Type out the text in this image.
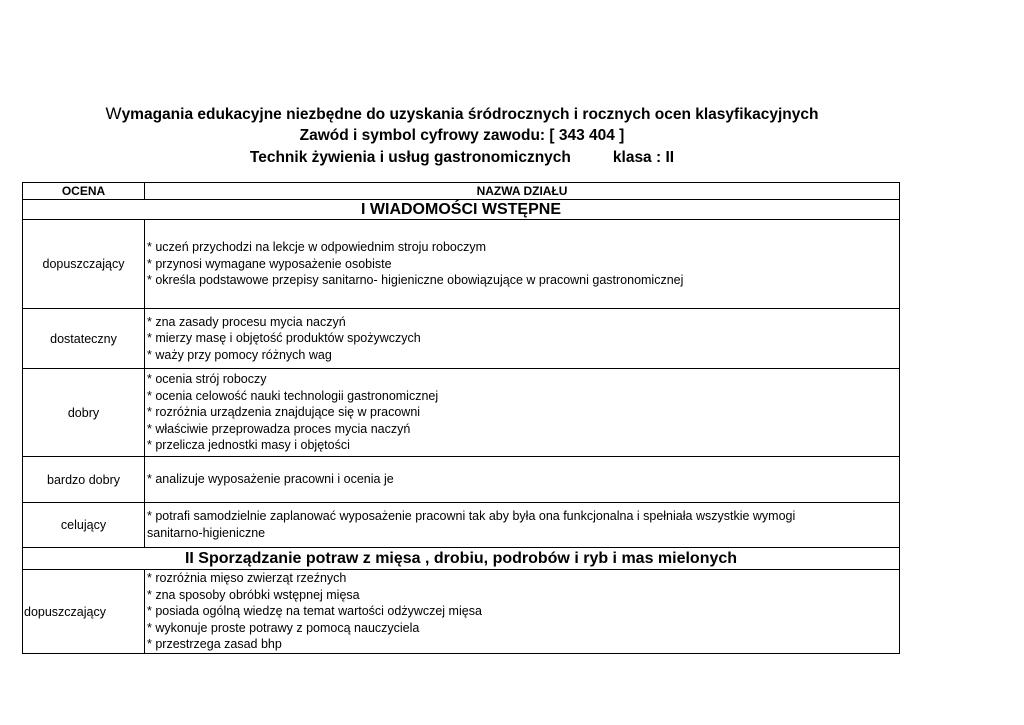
Wymagania edukacyjne niezbędne do uzyskania śródrocznych i rocznych ocen klasyfikacyjnych
Zawód i symbol cyfrowy zawodu: [ 343 404 ]
Technik żywienia i usług gastronomicznych	klasa : II
OCENA	NAZWA DZIAŁU
I WIADOMOŚCI WSTĘPNE	
dopuszczający	* uczeń przychodzi na lekcje w odpowiednim stroju roboczym
* przynosi wymagane wyposażenie osobiste
* określa podstawowe przepisy sanitarno- higieniczne obowiązujące w pracowni gastronomicznej

dostateczny	* zna zasady procesu mycia naczyń
* mierzy masę i objętość produktów spożywczych
* waży przy pomocy różnych wag

dobry	* ocenia strój roboczy
* ocenia celowość nauki technologii gastronomicznej
* rozróżnia urządzenia znajdujące się w pracowni
* właściwie przeprowadza proces mycia naczyń
* przelicza jednostki masy i objętości

bardzo dobry	* analizuje wyposażenie pracowni i ocenia je

celujący	* potrafi samodzielnie zaplanować wyposażenie pracowni tak aby była ona funkcjonalna i spełniała wszystkie wymogi
sanitarno-higieniczne

II Sporządzanie potraw z mięsa , drobiu, podrobów i ryb i mas mielonych	
dopuszczający	* rozróżnia mięso zwierząt rzeźnych
* zna sposoby obróbki wstępnej mięsa
* posiada ogólną wiedzę na temat wartości odżywczej mięsa
* wykonuje proste potrawy z pomocą nauczyciela
* przestrzega zasad bhp
